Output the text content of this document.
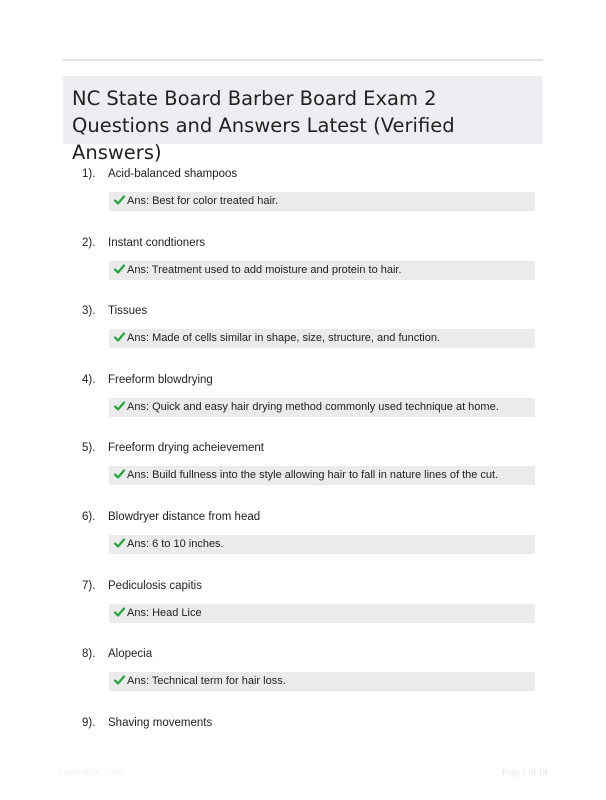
NC State Board Barber Board Exam 2 Questions and Answers Latest (Verified Answers)
1). Acid-balanced shampoos
Ans: Best for color treated hair.
2). Instant condtioners
Ans: Treatment used to add moisture and protein to hair.
3). Tissues
Ans: Made of cells similar in shape, size, structure, and function.
4). Freeform blowdrying
Ans: Quick and easy hair drying method commonly used technique at home.
5). Freeform drying acheievement
Ans: Build fullness into the style allowing hair to fall in nature lines of the cut.
6). Blowdryer distance from head
Ans: 6 to 10 inches.
7). Pediculosis capitis
Ans: Head Lice
8). Alopecia
Ans: Technical term for hair loss.
9). Shaving movements
PaperNthic.com	Page 1 of 19
